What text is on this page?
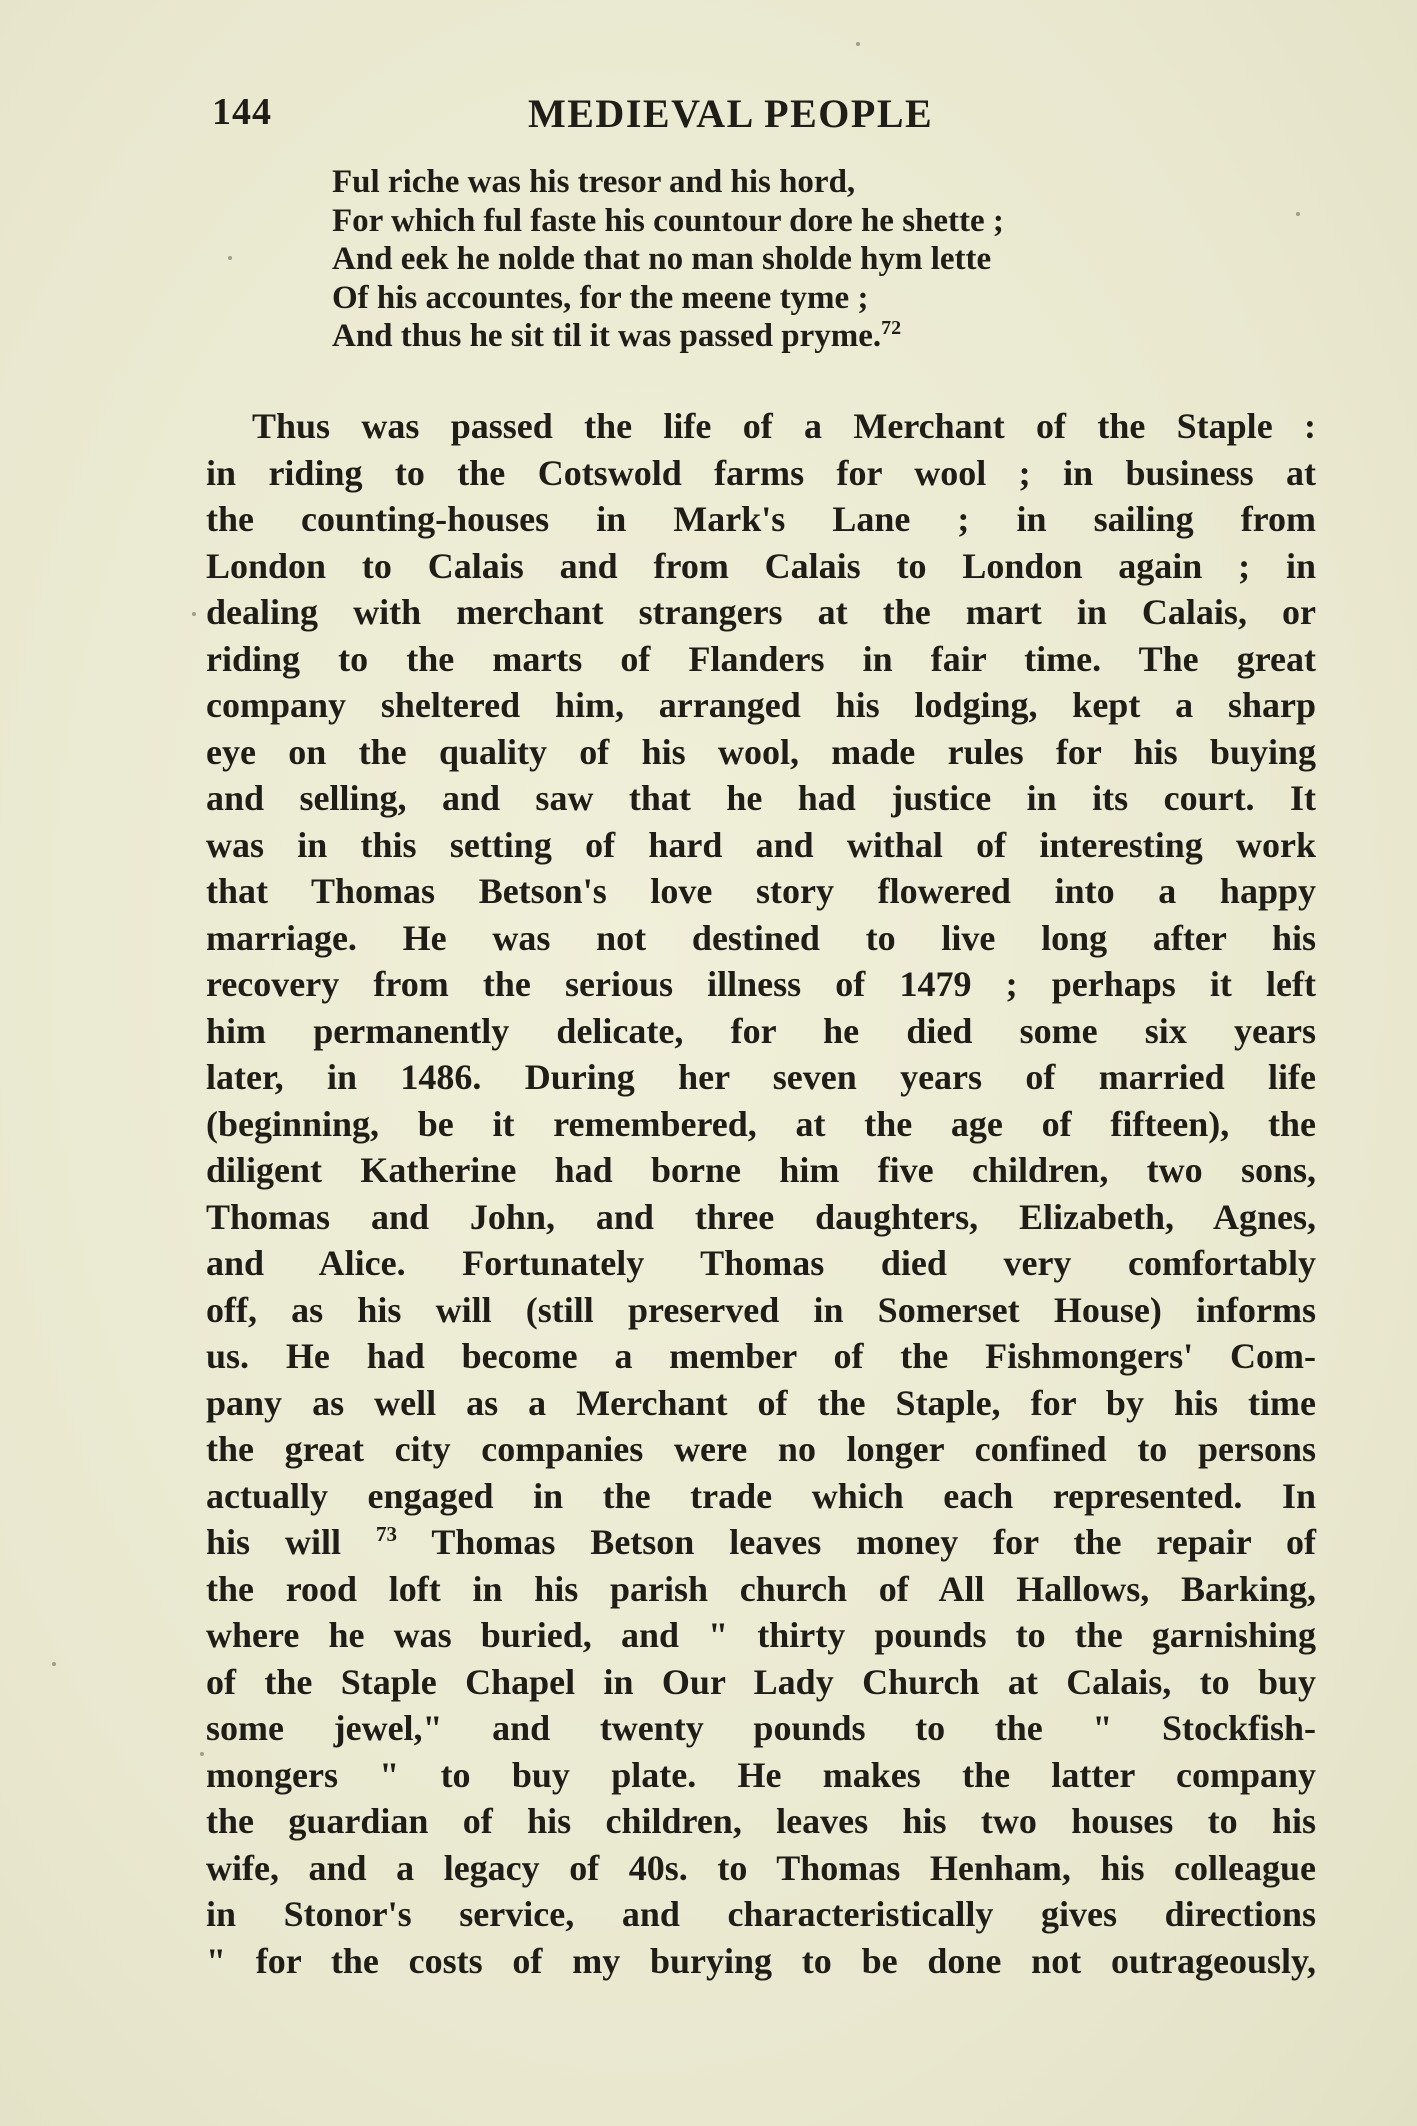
144	MEDIEVAL PEOPLE
Ful riche was his tresor and his hord,
For which ful faste his countour dore he shette ;
And eek he nolde that no man sholde hym lette
Of his accountes, for the meene tyme ;
And thus he sit til it was passed pryme.$^{72}$
Thus was passed the life of a Merchant of the Staple :
in riding to the Cotswold farms for wool ; in business at
the counting-houses in Mark's Lane ; in sailing from
London to Calais and from Calais to London again ; in
dealing with merchant strangers at the mart in Calais, or
riding to the marts of Flanders in fair time. The great
company sheltered him, arranged his lodging, kept a sharp
eye on the quality of his wool, made rules for his buying
and selling, and saw that he had justice in its court. It
was in this setting of hard and withal of interesting work
that Thomas Betson's love story flowered into a happy
marriage. He was not destined to live long after his
recovery from the serious illness of 1479 ; perhaps it left
him permanently delicate, for he died some six years
later, in 1486. During her seven years of married life
(beginning, be it remembered, at the age of fifteen), the
diligent Katherine had borne him five children, two sons,
Thomas and John, and three daughters, Elizabeth, Agnes,
and Alice. Fortunately Thomas died very comfortably
off, as his will (still preserved in Somerset House) informs
us. He had become a member of the Fishmongers' Com-
pany as well as a Merchant of the Staple, for by his time
the great city companies were no longer confined to persons
actually engaged in the trade which each represented. In
his will $^{73}$ Thomas Betson leaves money for the repair of
the rood loft in his parish church of All Hallows, Barking,
where he was buried, and " thirty pounds to the garnishing
of the Staple Chapel in Our Lady Church at Calais, to buy
some jewel," and twenty pounds to the " Stockfish-
mongers " to buy plate. He makes the latter company
the guardian of his children, leaves his two houses to his
wife, and a legacy of 40s. to Thomas Henham, his colleague
in Stonor's service, and characteristically gives directions
" for the costs of my burying to be done not outrageously,
